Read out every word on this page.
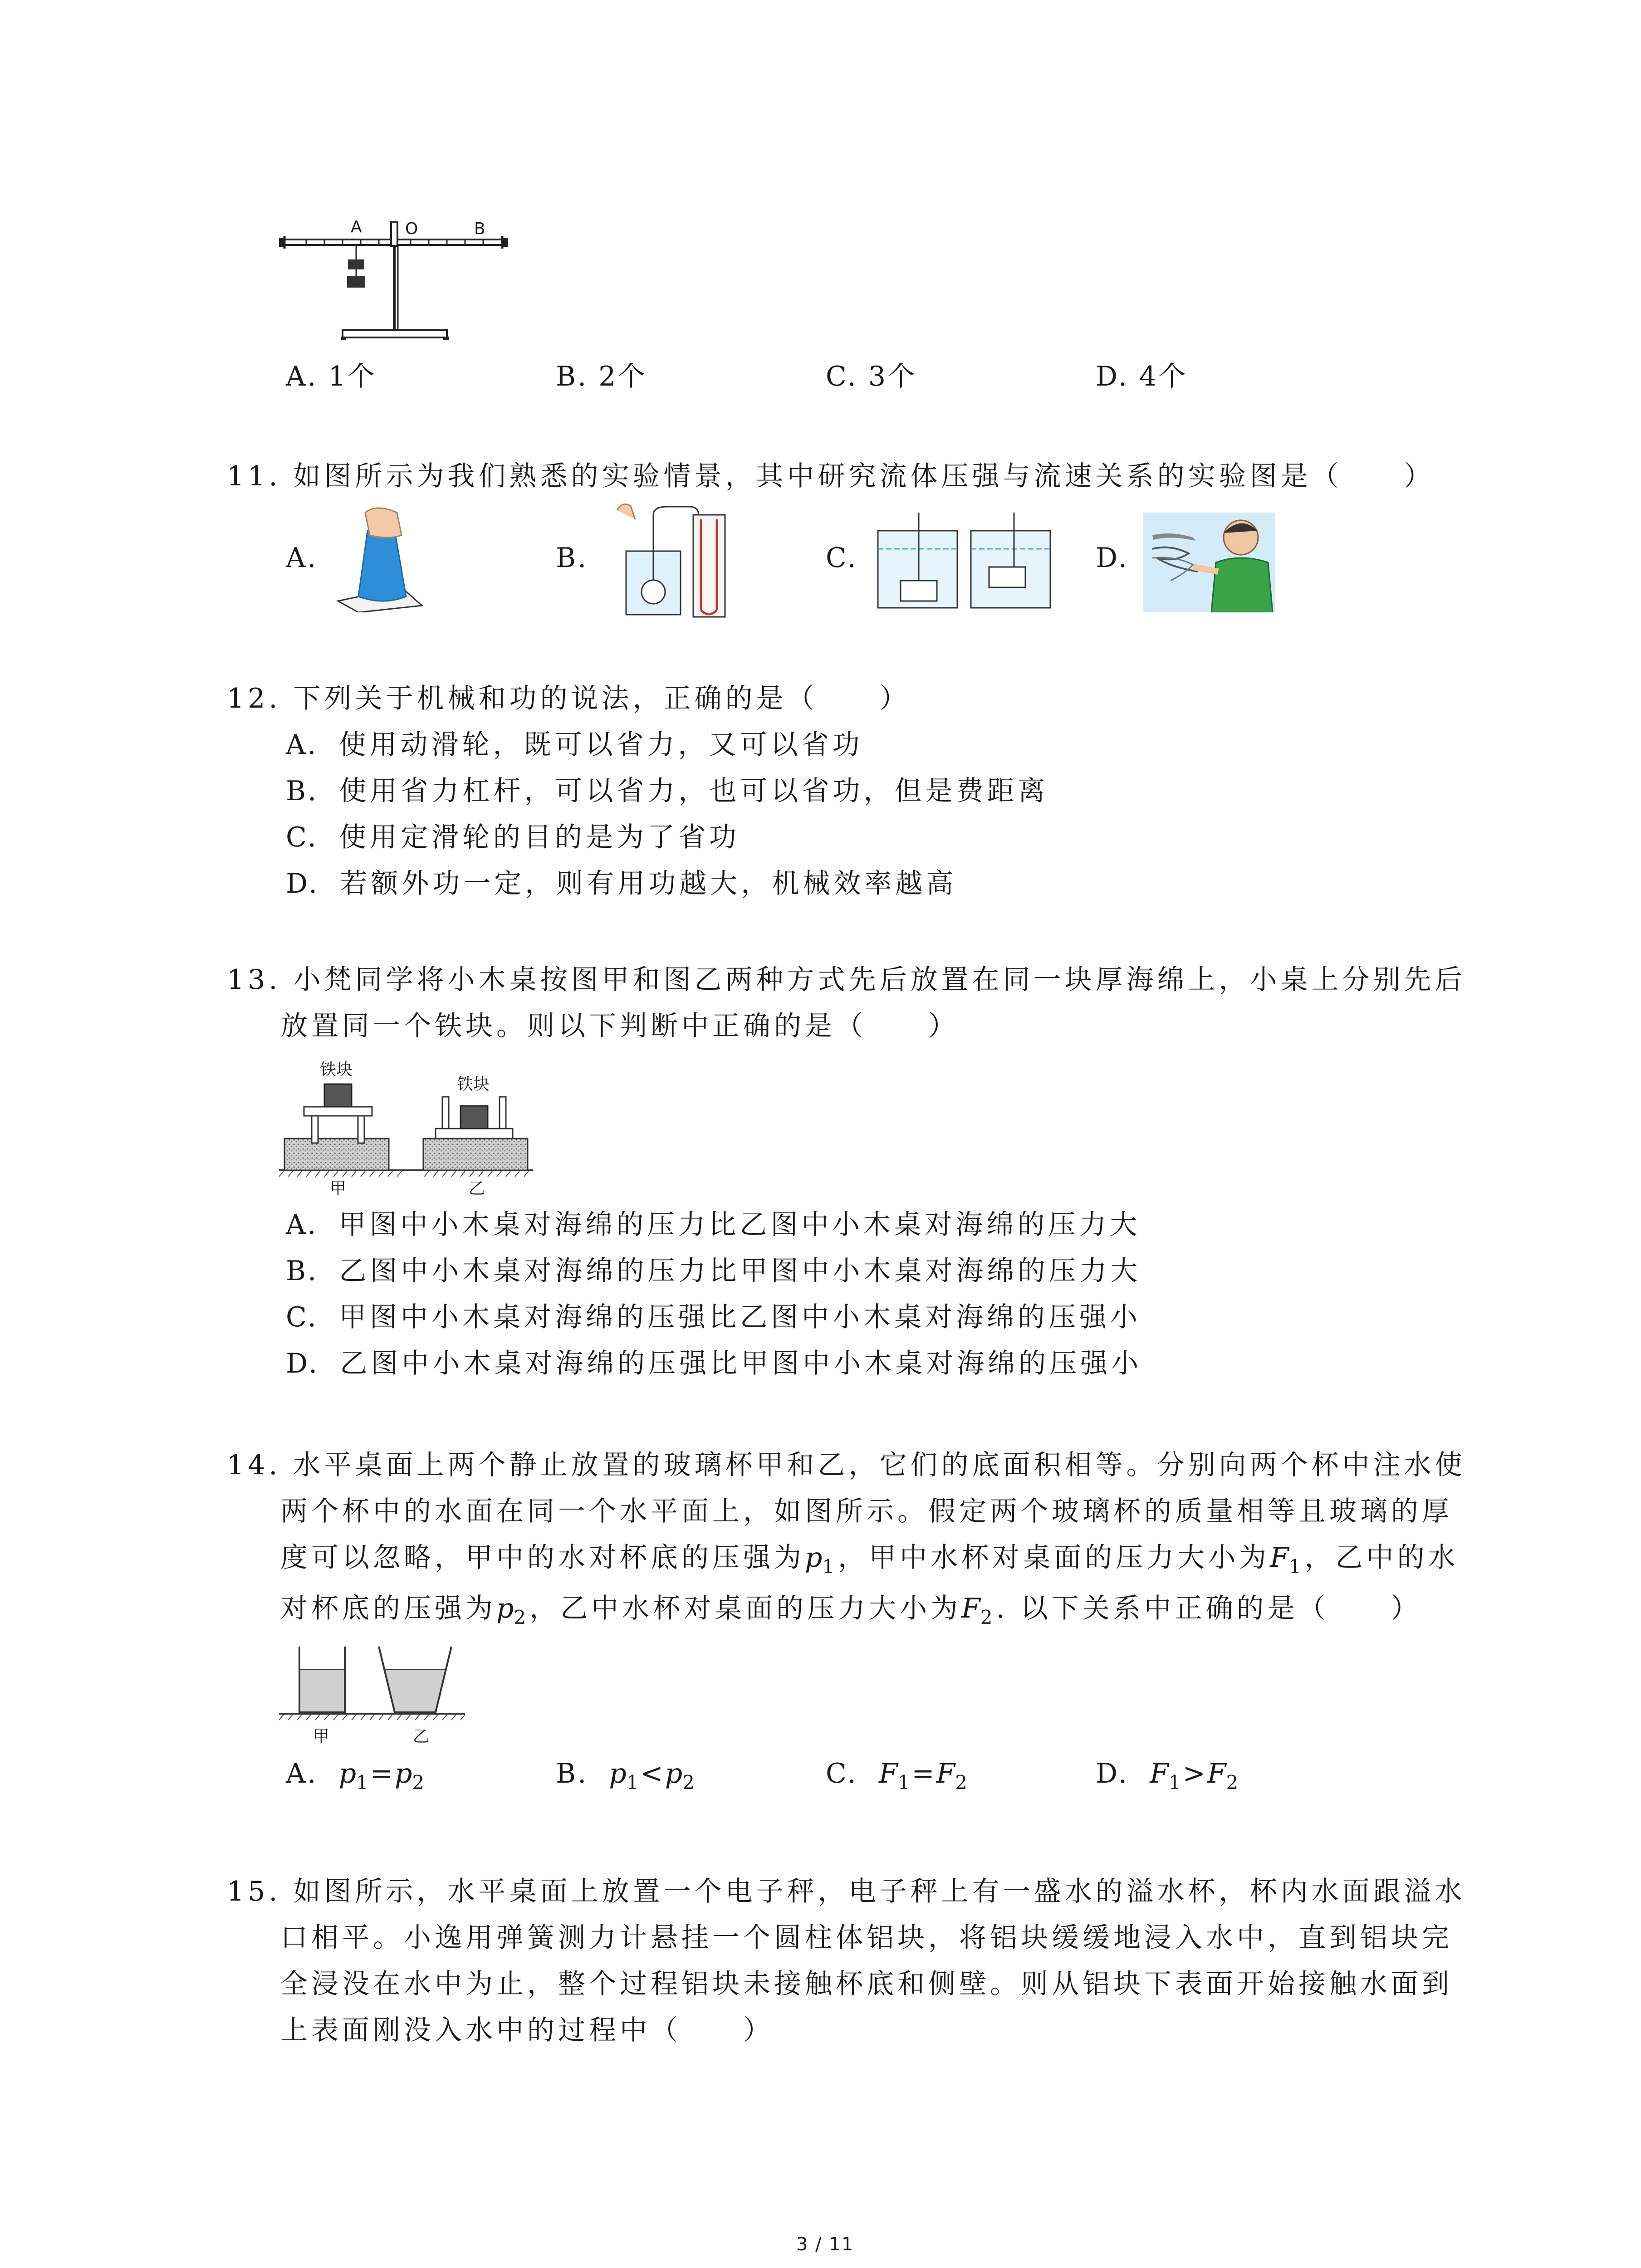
A	O	B
A. 1个	B. 2个	C. 3个	D. 4个
11. 如图所示为我们熟悉的实验情景，其中研究流体压强与流速关系的实验图是（　　）
A.	B.	C.	D.
12. 下列关于机械和功的说法，正确的是（　　）
A. 使用动滑轮，既可以省力，又可以省功
B. 使用省力杠杆，可以省力，也可以省功，但是费距离
C. 使用定滑轮的目的是为了省功
D. 若额外功一定，则有用功越大，机械效率越高
13. 小梵同学将小木桌按图甲和图乙两种方式先后放置在同一块厚海绵上，小桌上分别先后
放置同一个铁块。则以下判断中正确的是（　　）
铁块
铁块
甲	乙
A. 甲图中小木桌对海绵的压力比乙图中小木桌对海绵的压力大
B. 乙图中小木桌对海绵的压力比甲图中小木桌对海绵的压力大
C. 甲图中小木桌对海绵的压强比乙图中小木桌对海绵的压强小
D. 乙图中小木桌对海绵的压强比甲图中小木桌对海绵的压强小
14. 水平桌面上两个静止放置的玻璃杯甲和乙，它们的底面积相等。分别向两个杯中注水使
两个杯中的水面在同一个水平面上，如图所示。假定两个玻璃杯的质量相等且玻璃的厚
度可以忽略，甲中的水对杯底的压强为$p_1$，甲中水杯对桌面的压力大小为$F_1$，乙中的水
对杯底的压强为$p_2$，乙中水杯对桌面的压力大小为$F_2$. 以下关系中正确的是（　　）
甲	乙
A. $p_1=p_2$	B. $p_1<p_2$	C. $F_1=F_2$	D. $F_1>F_2$
15. 如图所示，水平桌面上放置一个电子秤，电子秤上有一盛水的溢水杯，杯内水面跟溢水
口相平。小逸用弹簧测力计悬挂一个圆柱体铝块，将铝块缓缓地浸入水中，直到铝块完
全浸没在水中为止，整个过程铝块未接触杯底和侧壁。则从铝块下表面开始接触水面到
上表面刚没入水中的过程中（　　）
3 / 11
